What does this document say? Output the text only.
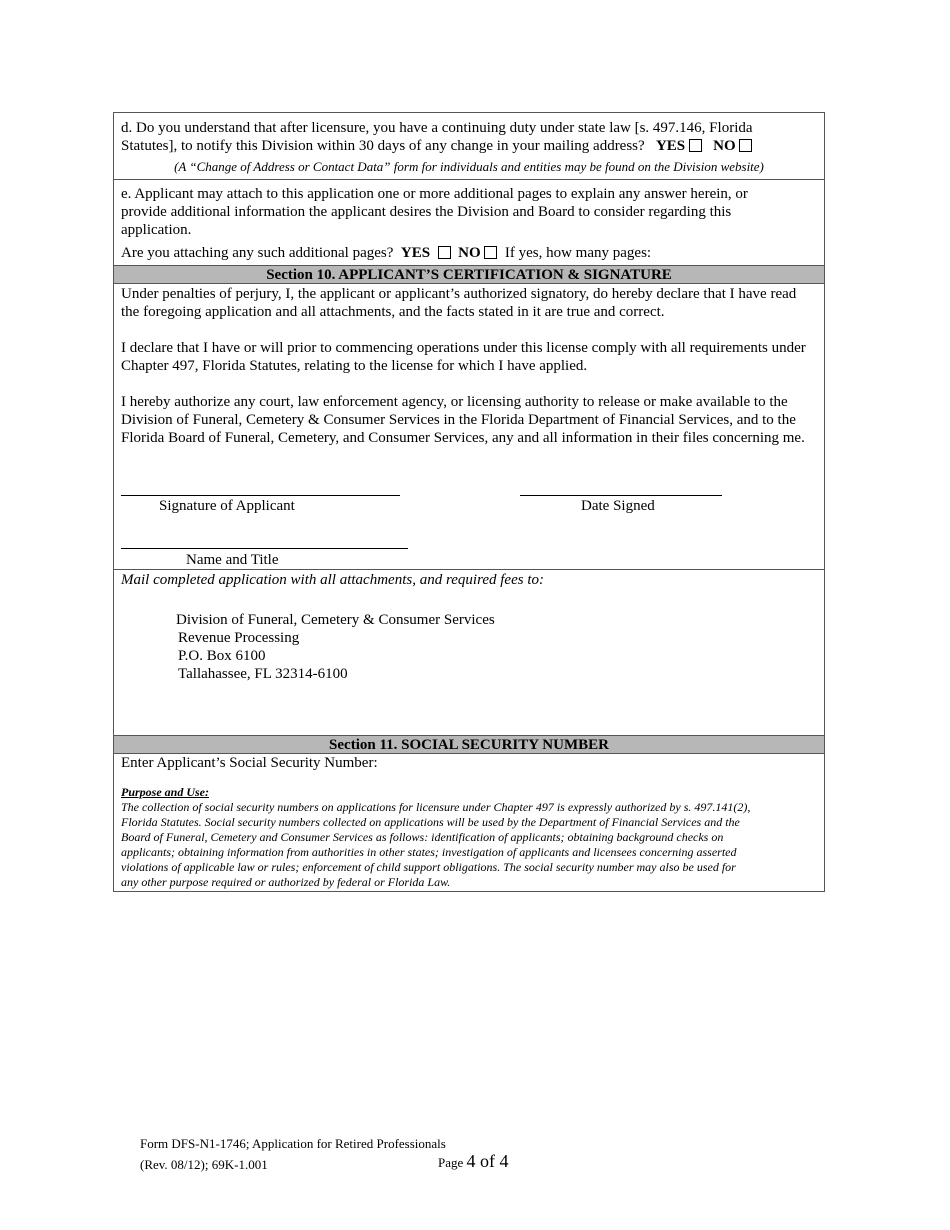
d. Do you understand that after licensure, you have a continuing duty under state law [s. 497.146, Florida
Statutes], to notify this Division within 30 days of any change in your mailing address? YES NO
(A “Change of Address or Contact Data” form for individuals and entities may be found on the Division website)
e. Applicant may attach to this application one or more additional pages to explain any answer herein, or
provide additional information the applicant desires the Division and Board to consider regarding this
application.
Are you attaching any such additional pages? YES NO If yes, how many pages:
Section 10. APPLICANT’S CERTIFICATION & SIGNATURE
Under penalties of perjury, I, the applicant or applicant’s authorized signatory, do hereby declare that I have read the foregoing application and all attachments, and the facts stated in it are true and correct.
I declare that I have or will prior to commencing operations under this license comply with all requirements under Chapter 497, Florida Statutes, relating to the license for which I have applied.
I hereby authorize any court, law enforcement agency, or licensing authority to release or make available to the Division of Funeral, Cemetery & Consumer Services in the Florida Department of Financial Services, and to the Florida Board of Funeral, Cemetery, and Consumer Services, any and all information in their files concerning me.
Signature of Applicant	Date Signed
Name and Title
Mail completed application with all attachments, and required fees to:
Division of Funeral, Cemetery & Consumer Services
Revenue Processing
P.O. Box 6100
Tallahassee, FL 32314-6100
Section 11. SOCIAL SECURITY NUMBER
Enter Applicant’s Social Security Number:
Purpose and Use:
The collection of social security numbers on applications for licensure under Chapter 497 is expressly authorized by s. 497.141(2),
Florida Statutes. Social security numbers collected on applications will be used by the Department of Financial Services and the
Board of Funeral, Cemetery and Consumer Services as follows: identification of applicants; obtaining background checks on
applicants; obtaining information from authorities in other states; investigation of applicants and licensees concerning asserted
violations of applicable law or rules; enforcement of child support obligations. The social security number may also be used for
any other purpose required or authorized by federal or Florida Law.
Form DFS-N1-1746; Application for Retired Professionals
(Rev. 08/12); 69K-1.001	Page 4 of 4
